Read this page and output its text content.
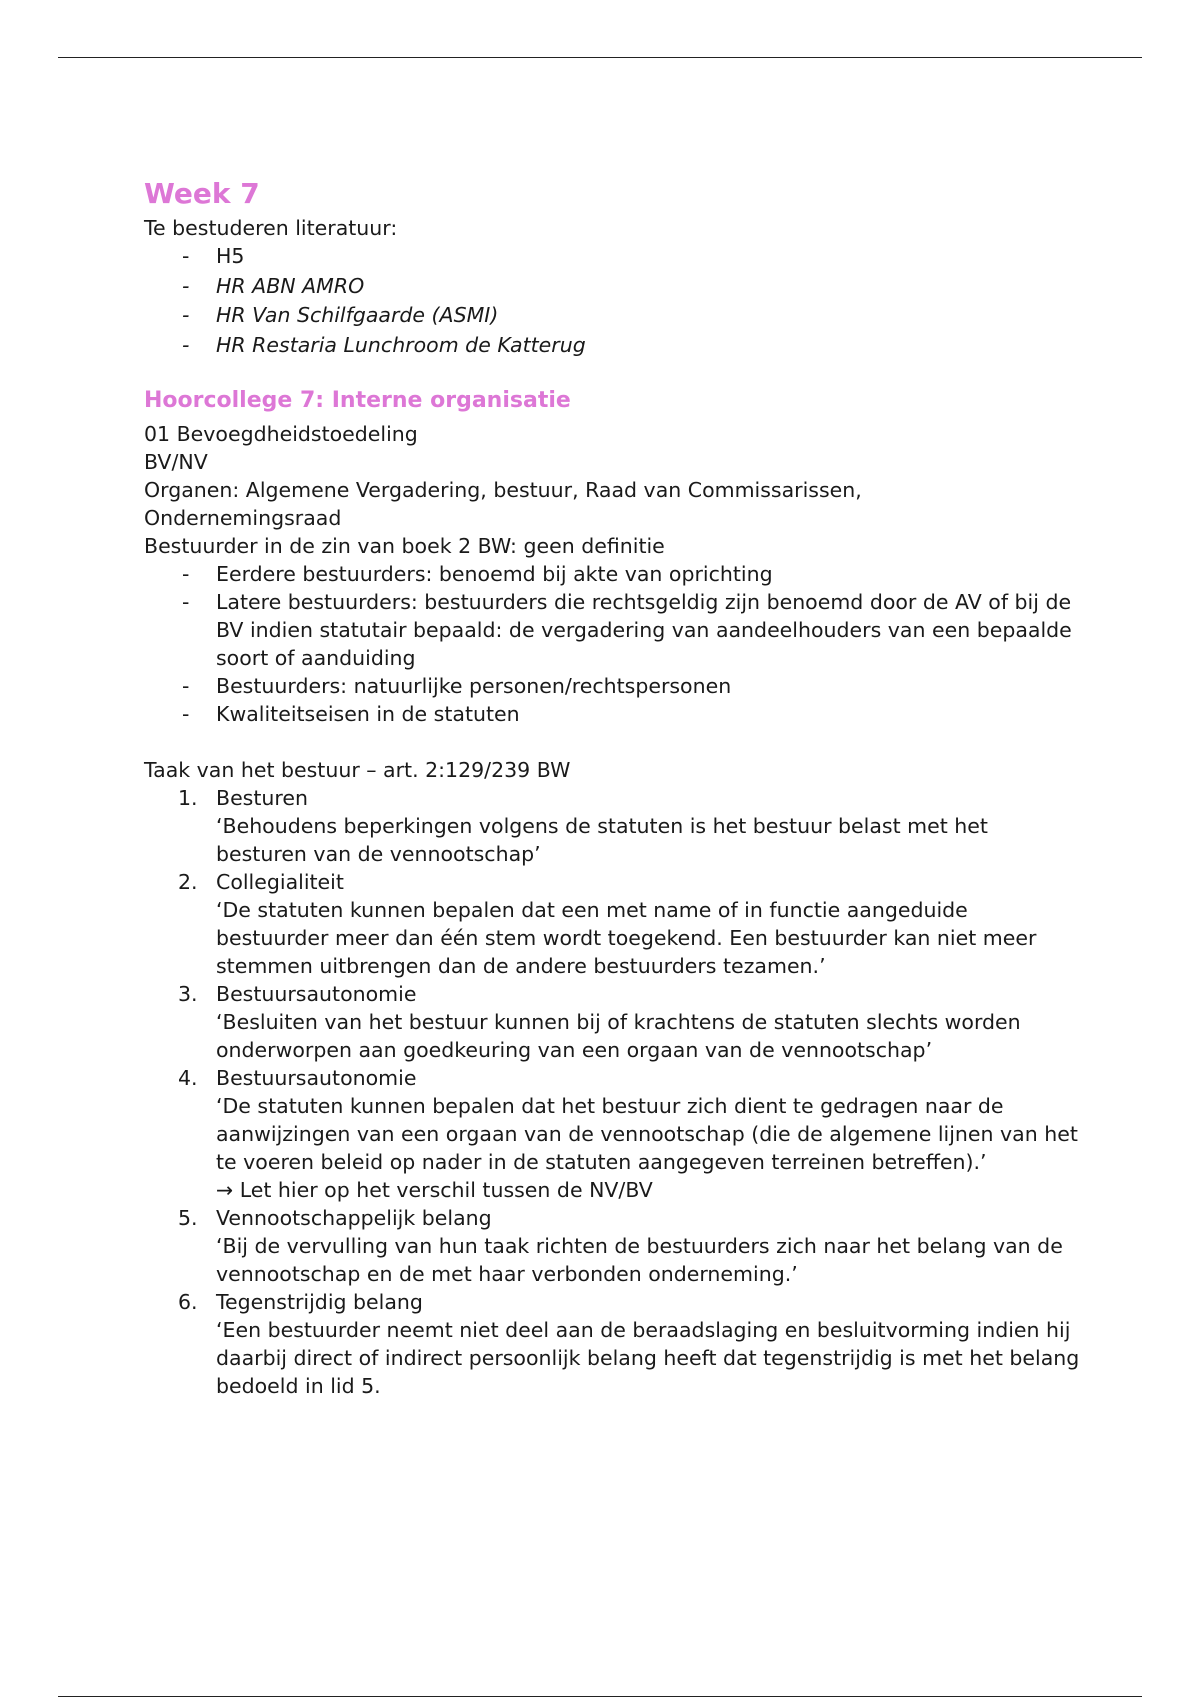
Week 7

Te bestuderen literatuur:

- H5
- HR ABN AMRO
- HR Van Schilfgaarde (ASMI)
- HR Restaria Lunchroom de Katterug
Hoorcollege 7: Interne organisatie

01 Bevoegdheidstoedeling

BV/NV

Organen: Algemene Vergadering, bestuur, Raad van Commissarissen, Ondernemingsraad

Bestuurder in de zin van boek 2 BW: geen definitie

- Eerdere bestuurders: benoemd bij akte van oprichting
- Latere bestuurders: bestuurders die rechtsgeldig zijn benoemd door de AV of bij de BV indien statutair bepaald: de vergadering van aandeelhouders van een bepaalde soort of aanduiding
- Bestuurders: natuurlijke personen/rechtspersonen
- Kwaliteitseisen in de statuten

Taak van het bestuur – art. 2:129/239 BW

1. Besturen
‘Behoudens beperkingen volgens de statuten is het bestuur belast met het besturen van de vennootschap’
2. Collegialiteit
‘De statuten kunnen bepalen dat een met name of in functie aangeduide bestuurder meer dan één stem wordt toegekend. Een bestuurder kan niet meer stemmen uitbrengen dan de andere bestuurders tezamen.’
3. Bestuursautonomie
‘Besluiten van het bestuur kunnen bij of krachtens de statuten slechts worden onderworpen aan goedkeuring van een orgaan van de vennootschap’
4. Bestuursautonomie
‘De statuten kunnen bepalen dat het bestuur zich dient te gedragen naar de aanwijzingen van een orgaan van de vennootschap (die de algemene lijnen van het te voeren beleid op nader in de statuten aangegeven terreinen betreffen).’
→ Let hier op het verschil tussen de NV/BV
5. Vennootschappelijk belang
‘Bij de vervulling van hun taak richten de bestuurders zich naar het belang van de vennootschap en de met haar verbonden onderneming.’
6. Tegenstrijdig belang
‘Een bestuurder neemt niet deel aan de beraadslaging en besluitvorming indien hij daarbij direct of indirect persoonlijk belang heeft dat tegenstrijdig is met het belang bedoeld in lid 5.
